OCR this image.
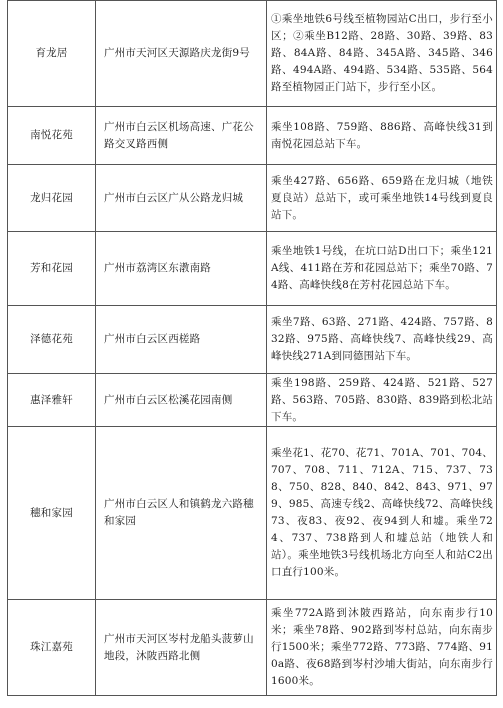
育龙居	广州市天河区天源路庆龙街9号	①乘坐地铁6号线至植物园站C出口，步行至小区；②乘坐B12路、28路、30路、39路、83路、84A路、84路、345A路、345路、346路、494A路、494路、534路、535路、564路至植物园正门站下，步行至小区。
南悦花苑	广州市白云区机场高速、广花公路交叉路西侧	乘坐108路、759路、886路、高峰快线31到南悦花园总站下车。
龙归花园	广州市白云区广从公路龙归城	乘坐427路、656路、659路在龙归城（地铁夏良站）总站下，或可乘坐地铁14号线到夏良站下。
芳和花园	广州市荔湾区东漖南路	乘坐地铁1号线，在坑口站D出口下；乘坐121A线、411路在芳和花园总站下；乘坐70路、74路、高峰快线8在芳村花园总站下车。
泽德花苑	广州市白云区西槎路	乘坐7路、63路、271路、424路、757路、832路、975路、高峰快线7、高峰快线29、高峰快线271A到同德围站下车。
惠泽雅轩	广州市白云区松溪花园南侧	乘坐198路、259路、424路、521路、527路、563路、705路、830路、839路到松北站下车。
穗和家园	广州市白云区人和镇鹤龙六路穗和家园	乘坐花1、花70、花71、701A、701、704、707、708、711、712A、715、737、738、750、828、840、842、843、971、979、985、高速专线2、高峰快线72、高峰快线73、夜83、夜92、夜94到人和墟。乘坐724、737、738路到人和墟总站（地铁人和站）。乘坐地铁3号线机场北方向至人和站C2出口直行100米。
珠江嘉苑	广州市天河区岑村龙船头菠萝山地段，沐陂西路北侧	乘坐772A路到沐陂西路站，向东南步行10米；乘坐78路、902路到岑村总站，向东南步行1500米；乘坐772路、773路、774路、910a路、夜68路到岑村沙埔大街站，向东南步行1600米。
